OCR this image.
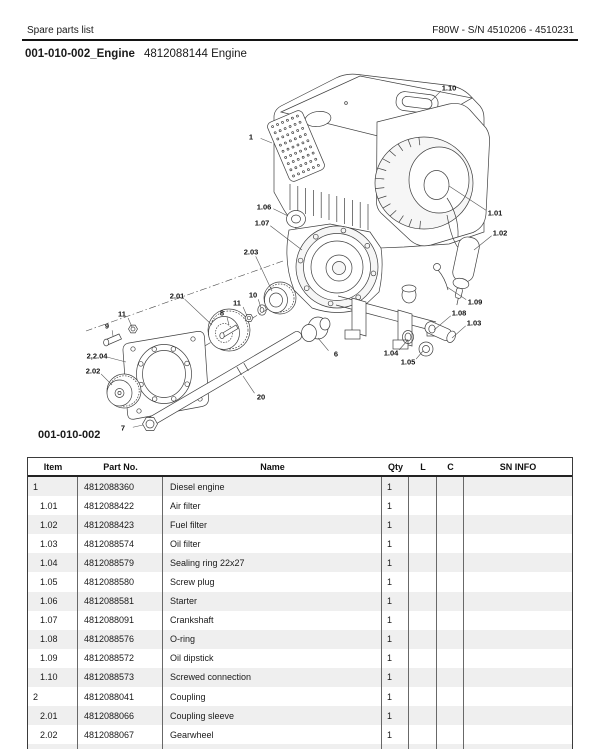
Spare parts list	F80W - S/N 4510206 - 4510231
001-010-002_Engine 4812088144 Engine
1.10
1
1.01
1.02
1.06
1.07
2.03
2.01
11
10
8
11
9
2,2.04
2.02
6
20
7
1.04
1.05
1.09
1.08
1.03
001-010-002
Item	Part No.	Name	Qty	L	C	SN INFO
1	4812088360	Diesel engine	1
1.01	4812088422	Air filter	1
1.02	4812088423	Fuel filter	1
1.03	4812088574	Oil filter	1
1.04	4812088579	Sealing ring 22x27	1
1.05	4812088580	Screw plug	1
1.06	4812088581	Starter	1
1.07	4812088091	Crankshaft	1
1.08	4812088576	O-ring	1
1.09	4812088572	Oil dipstick	1
1.10	4812088573	Screwed connection	1
2	4812088041	Coupling	1
2.01	4812088066	Coupling sleeve	1
2.02	4812088067	Gearwheel	1
